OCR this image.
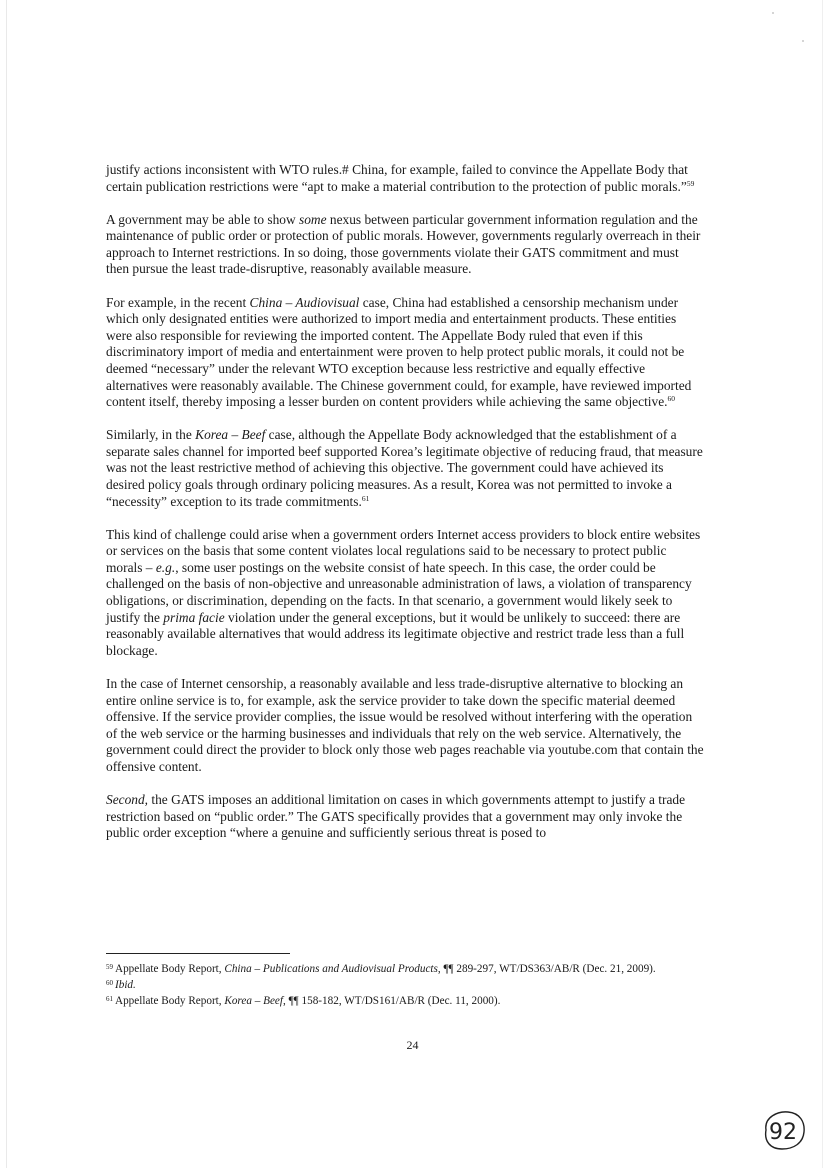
justify actions inconsistent with WTO rules.# China, for example, failed to convince the Appellate Body that certain publication restrictions were “apt to make a material contribution to the protection of public morals.”$^{59}$

A government may be able to show some nexus between particular government information regulation and the maintenance of public order or protection of public morals. However, governments regularly overreach in their approach to Internet restrictions. In so doing, those governments violate their GATS commitment and must then pursue the least trade-disruptive, reasonably available measure.

For example, in the recent China – Audiovisual case, China had established a censorship mechanism under which only designated entities were authorized to import media and entertainment products. These entities were also responsible for reviewing the imported content. The Appellate Body ruled that even if this discriminatory import of media and entertainment were proven to help protect public morals, it could not be deemed “necessary” under the relevant WTO exception because less restrictive and equally effective alternatives were reasonably available. The Chinese government could, for example, have reviewed imported content itself, thereby imposing a lesser burden on content providers while achieving the same objective.$^{60}$

Similarly, in the Korea – Beef case, although the Appellate Body acknowledged that the establishment of a separate sales channel for imported beef supported Korea’s legitimate objective of reducing fraud, that measure was not the least restrictive method of achieving this objective. The government could have achieved its desired policy goals through ordinary policing measures. As a result, Korea was not permitted to invoke a “necessity” exception to its trade commitments.$^{61}$

This kind of challenge could arise when a government orders Internet access providers to block entire websites or services on the basis that some content violates local regulations said to be necessary to protect public morals – e.g., some user postings on the website consist of hate speech. In this case, the order could be challenged on the basis of non-objective and unreasonable administration of laws, a violation of transparency obligations, or discrimination, depending on the facts. In that scenario, a government would likely seek to justify the prima facie violation under the general exceptions, but it would be unlikely to succeed: there are reasonably available alternatives that would address its legitimate objective and restrict trade less than a full blockage.

In the case of Internet censorship, a reasonably available and less trade-disruptive alternative to blocking an entire online service is to, for example, ask the service provider to take down the specific material deemed offensive. If the service provider complies, the issue would be resolved without interfering with the operation of the web service or the harming businesses and individuals that rely on the web service. Alternatively, the government could direct the provider to block only those web pages reachable via youtube.com that contain the offensive content.

Second, the GATS imposes an additional limitation on cases in which governments attempt to justify a trade restriction based on “public order.” The GATS specifically provides that a government may only invoke the public order exception “where a genuine and sufficiently serious threat is posed to

$^{59}$ Appellate Body Report, China – Publications and Audiovisual Products, ¶¶ 289-297, WT/DS363/AB/R (Dec. 21, 2009).
$^{60}$ Ibid.
$^{61}$ Appellate Body Report, Korea – Beef, ¶¶ 158-182, WT/DS161/AB/R (Dec. 11, 2000).
24
92
